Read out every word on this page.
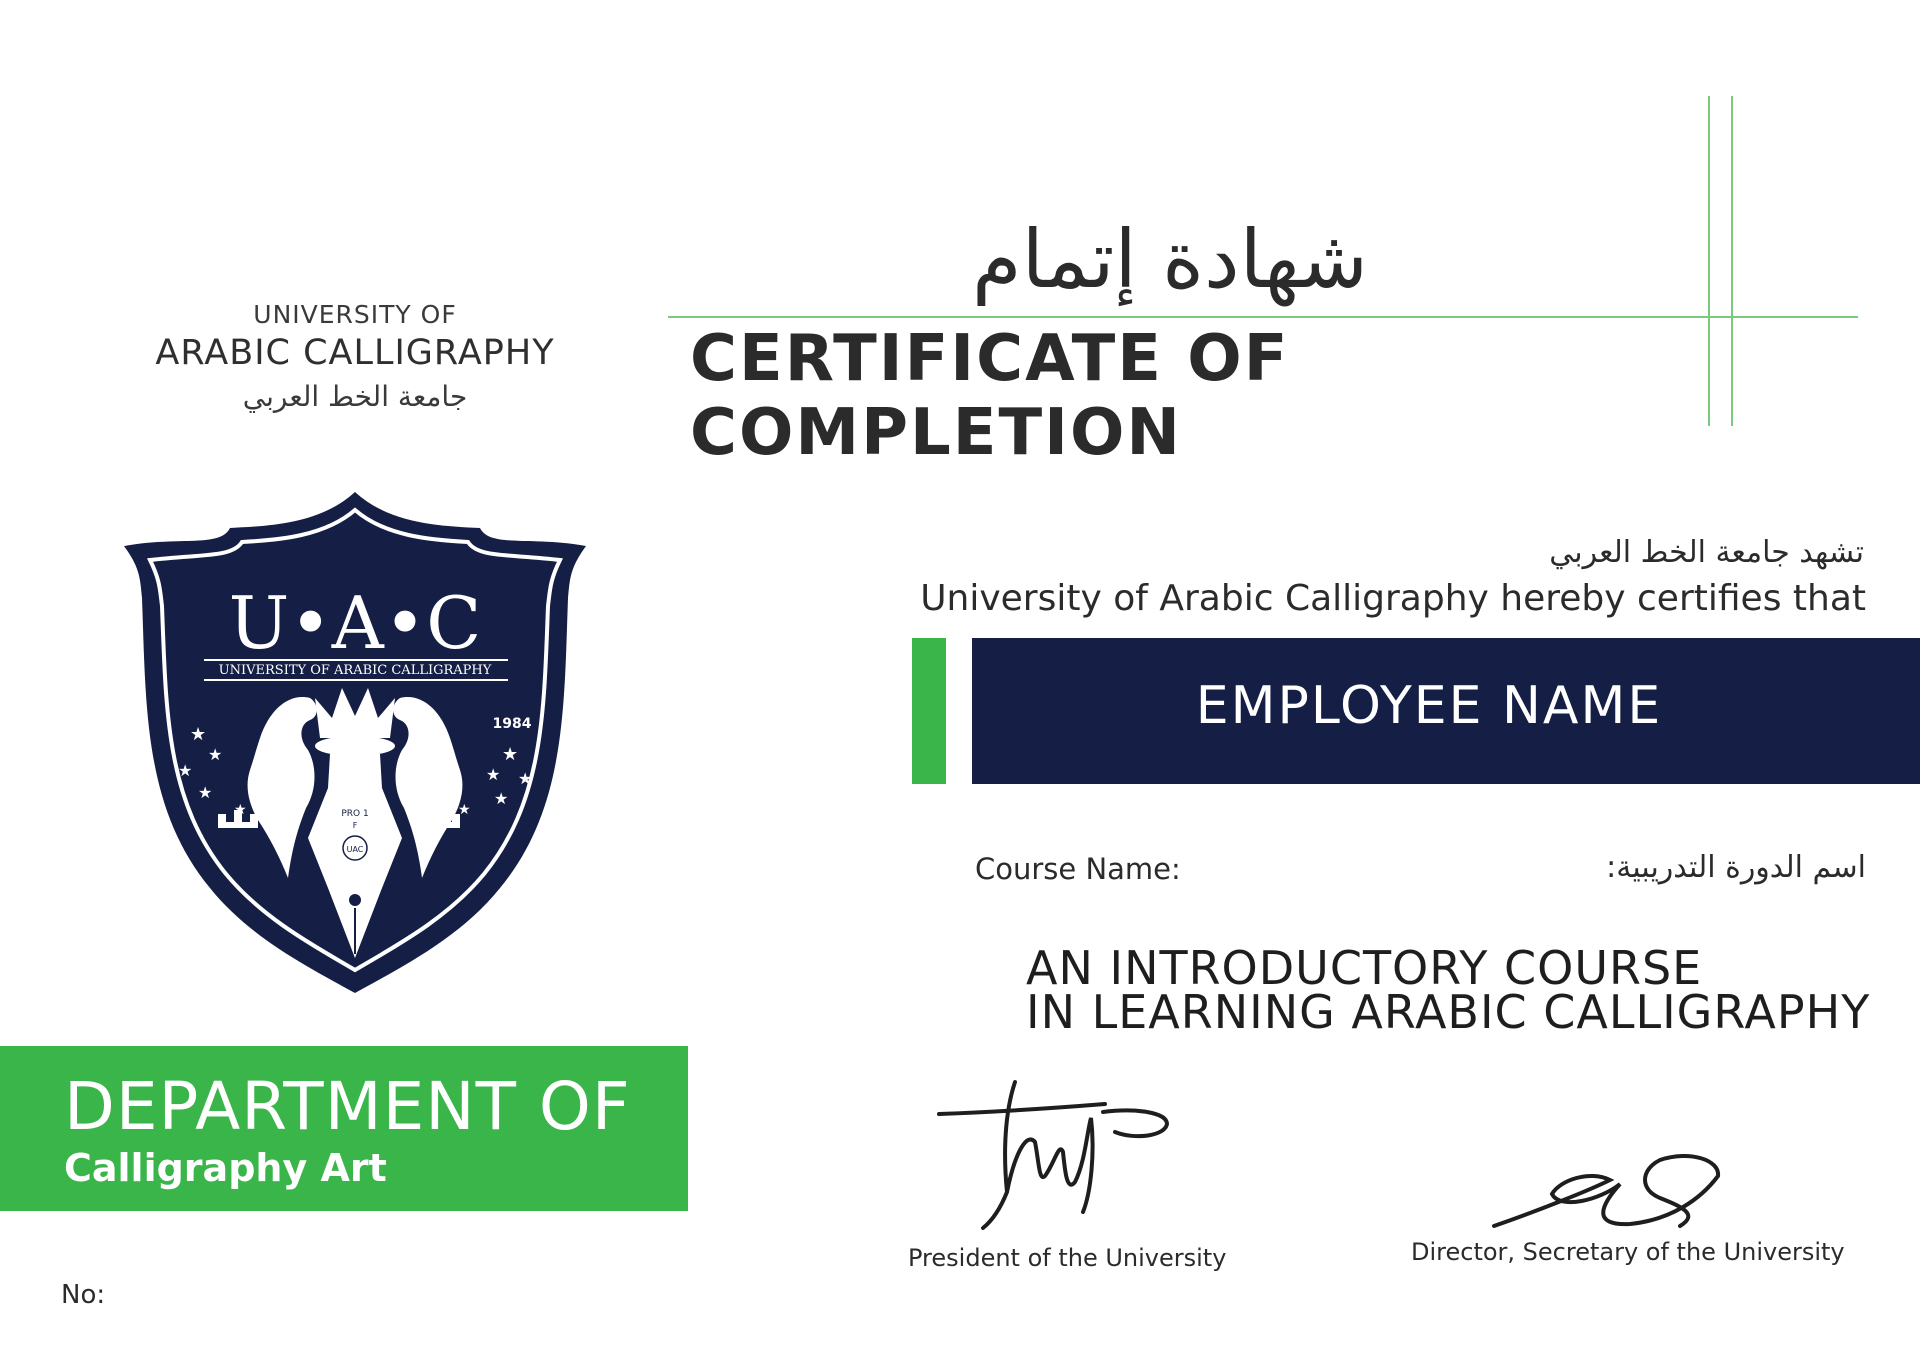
UNIVERSITY OF
ARABIC CALLIGRAPHY
جامعة الخط العربي
شهادة إتمام
CERTIFICATE OF COMPLETION
U•A•C
UNIVERSITY OF ARABIC CALLIGRAPHY
1984
PRO 1
F
UAC
★
★
★
★
★
★ ★
★
★	★
تشهد جامعة الخط العربي
University of Arabic Calligraphy hereby certifies that
EMPLOYEE NAME
Course Name:	اسم الدورة التدريبية:
AN INTRODUCTORY COURSE
IN LEARNING ARABIC CALLIGRAPHY
DEPARTMENT OF
Calligraphy Art
President of the University	Director, Secretary of the University
No:
